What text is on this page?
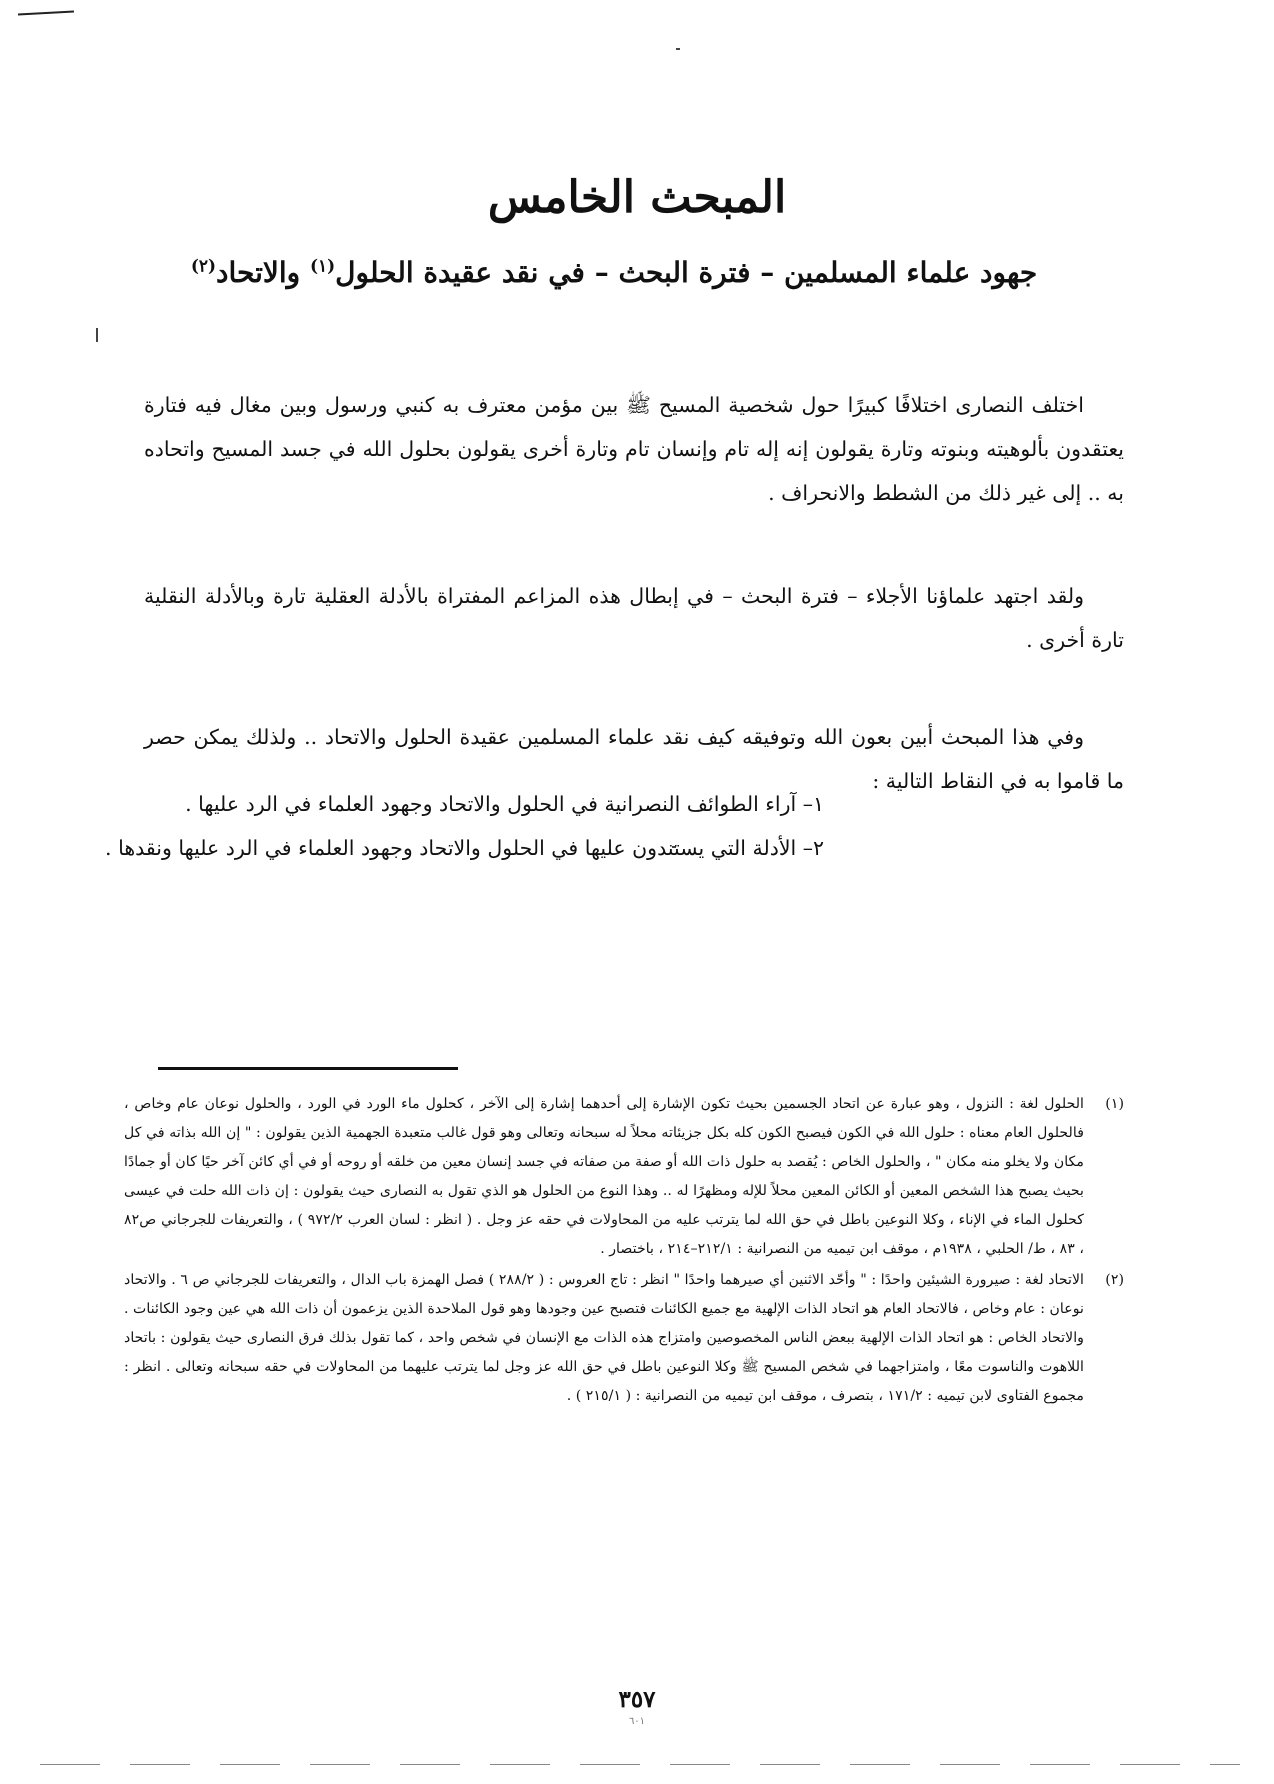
المبحث الخامس
جهود علماء المسلمين – فترة البحث – في نقد عقيدة الحلول$^{(١)}$ والاتحاد$^{(٢)}$

اختلف النصارى اختلافًا كبيرًا حول شخصية المسيح ﷺ بين مؤمن معترف به كنبي ورسول وبين مغال فيه فتارة يعتقدون بألوهيته وبنوته وتارة يقولون إنه إله تام وإنسان تام وتارة أخرى يقولون بحلول الله في جسد المسيح واتحاده به .. إلى غير ذلك من الشطط والانحراف .

ولقد اجتهد علماؤنا الأجلاء – فترة البحث – في إبطال هذه المزاعم المفتراة بالأدلة العقلية تارة وبالأدلة النقلية تارة أخرى .

وفي هذا المبحث أبين بعون الله وتوفيقه كيف نقد علماء المسلمين عقيدة الحلول والاتحاد .. ولذلك يمكن حصر ما قاموا به في النقاط التالية :

١– آراء الطوائف النصرانية في الحلول والاتحاد وجهود العلماء في الرد عليها .
٢– الأدلة التي يستندون عليها في الحلول والاتحاد وجهود العلماء في الرد عليها ونقدها .
(١)
الحلول لغة : النزول ، وهو عبارة عن اتحاد الجسمين بحيث تكون الإشارة إلى أحدهما إشارة إلى الآخر ، كحلول ماء الورد في الورد ، والحلول نوعان عام وخاص ، فالحلول العام معناه : حلول الله في الكون فيصبح الكون كله بكل جزيئاته محلاً له سبحانه وتعالى وهو قول غالب متعبدة الجهمية الذين يقولون : " إن الله بذاته في كل مكان ولا يخلو منه مكان " ، والحلول الخاص : يُقصد به حلول ذات الله أو صفة من صفاته في جسد إنسان معين من خلقه أو روحه أو في أي كائن آخر حيًا كان أو جمادًا بحيث يصبح هذا الشخص المعين أو الكائن المعين محلاً للإله ومظهرًا له .. وهذا النوع من الحلول هو الذي تقول به النصارى حيث يقولون : إن ذات الله حلت في عيسى كحلول الماء في الإناء ، وكلا النوعين باطل في حق الله لما يترتب عليه من المحاولات في حقه عز وجل . ( انظر : لسان العرب ٩٧٢/٢ ) ، والتعريفات للجرجاني ص٨٢ ، ٨٣ ، ط/ الحلبي ، ١٩٣٨م ، موقف ابن تيميه من النصرانية : ٢١٢/١–٢١٤ ، باختصار .
(٢)
الاتحاد لغة : صيرورة الشيئين واحدًا : " وأحّد الاثنين أي صيرهما واحدًا " انظر : تاج العروس : ( ٢٨٨/٢ ) فصل الهمزة باب الدال ، والتعريفات للجرجاني ص ٦ . والاتحاد نوعان : عام وخاص ، فالاتحاد العام هو اتحاد الذات الإلهية مع جميع الكائنات فتصبح عين وجودها وهو قول الملاحدة الذين يزعمون أن ذات الله هي عين وجود الكائنات . والاتحاد الخاص : هو اتحاد الذات الإلهية ببعض الناس المخصوصين وامتزاج هذه الذات مع الإنسان في شخص واحد ، كما تقول بذلك فرق النصارى حيث يقولون : باتحاد اللاهوت والناسوت معًا ، وامتزاجهما في شخص المسيح ﷺ وكلا النوعين باطل في حق الله عز وجل لما يترتب عليهما من المحاولات في حقه سبحانه وتعالى . انظر : مجموع الفتاوى لابن تيميه : ١٧١/٢ ، بتصرف ، موقف ابن تيميه من النصرانية : ( ٢١٥/١ ) .
٣٥٧
٦٠١
